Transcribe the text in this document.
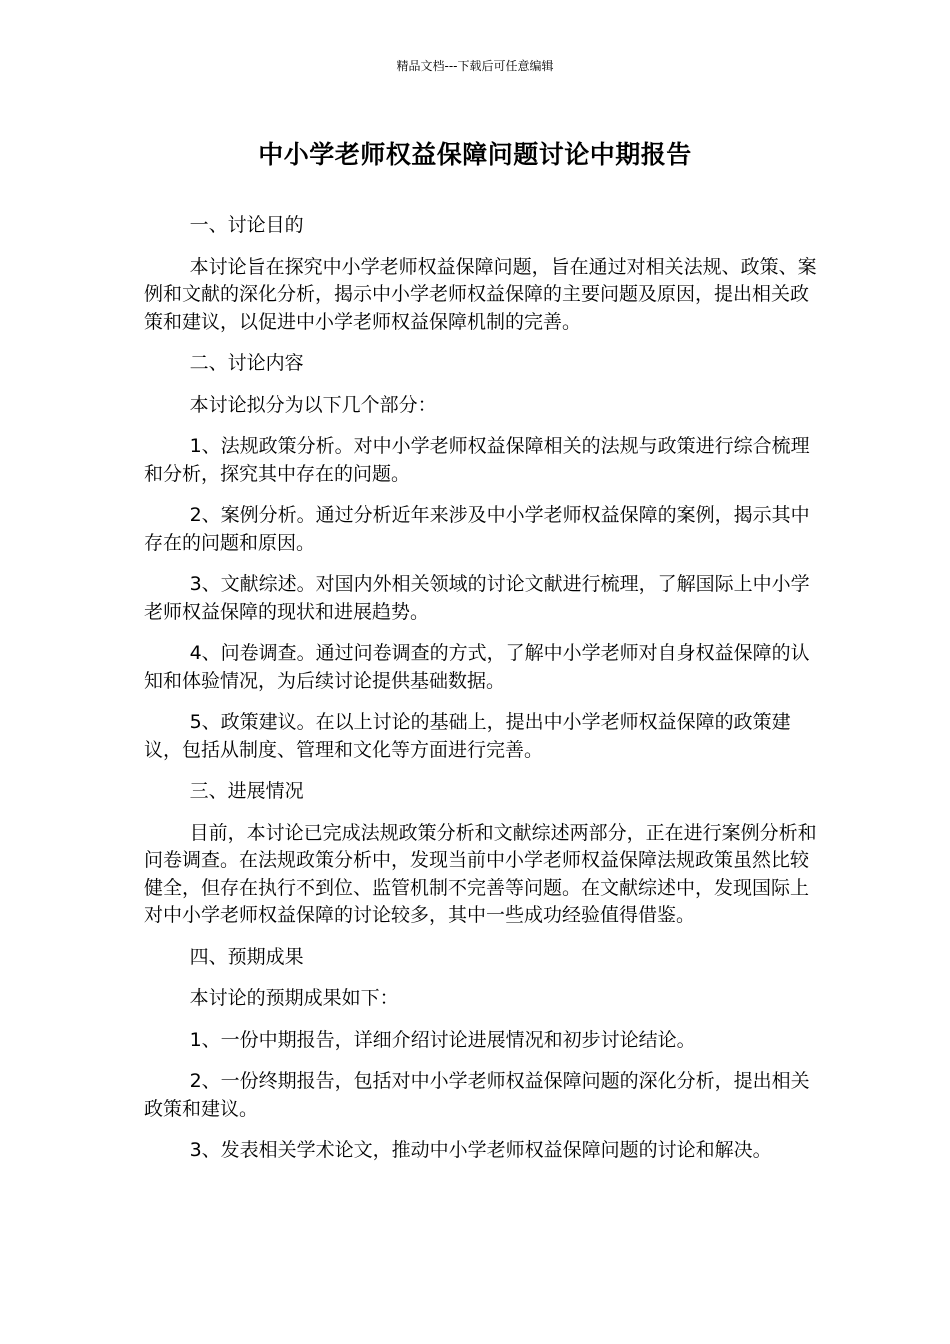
精品文档---下载后可任意编辑
中小学老师权益保障问题讨论中期报告

一、讨论目的

本讨论旨在探究中小学老师权益保障问题，旨在通过对相关法规、政策、案例和文献的深化分析，揭示中小学老师权益保障的主要问题及原因，提出相关政策和建议，以促进中小学老师权益保障机制的完善。

二、讨论内容

本讨论拟分为以下几个部分：

1、法规政策分析。对中小学老师权益保障相关的法规与政策进行综合梳理和分析，探究其中存在的问题。

2、案例分析。通过分析近年来涉及中小学老师权益保障的案例，揭示其中存在的问题和原因。

3、文献综述。对国内外相关领域的讨论文献进行梳理，了解国际上中小学老师权益保障的现状和进展趋势。

4、问卷调查。通过问卷调查的方式，了解中小学老师对自身权益保障的认知和体验情况，为后续讨论提供基础数据。

5、政策建议。在以上讨论的基础上，提出中小学老师权益保障的政策建议，包括从制度、管理和文化等方面进行完善。

三、进展情况

目前，本讨论已完成法规政策分析和文献综述两部分，正在进行案例分析和问卷调查。在法规政策分析中，发现当前中小学老师权益保障法规政策虽然比较健全，但存在执行不到位、监管机制不完善等问题。在文献综述中，发现国际上对中小学老师权益保障的讨论较多，其中一些成功经验值得借鉴。

四、预期成果

本讨论的预期成果如下：

1、一份中期报告，详细介绍讨论进展情况和初步讨论结论。

2、一份终期报告，包括对中小学老师权益保障问题的深化分析，提出相关政策和建议。

3、发表相关学术论文，推动中小学老师权益保障问题的讨论和解决。
